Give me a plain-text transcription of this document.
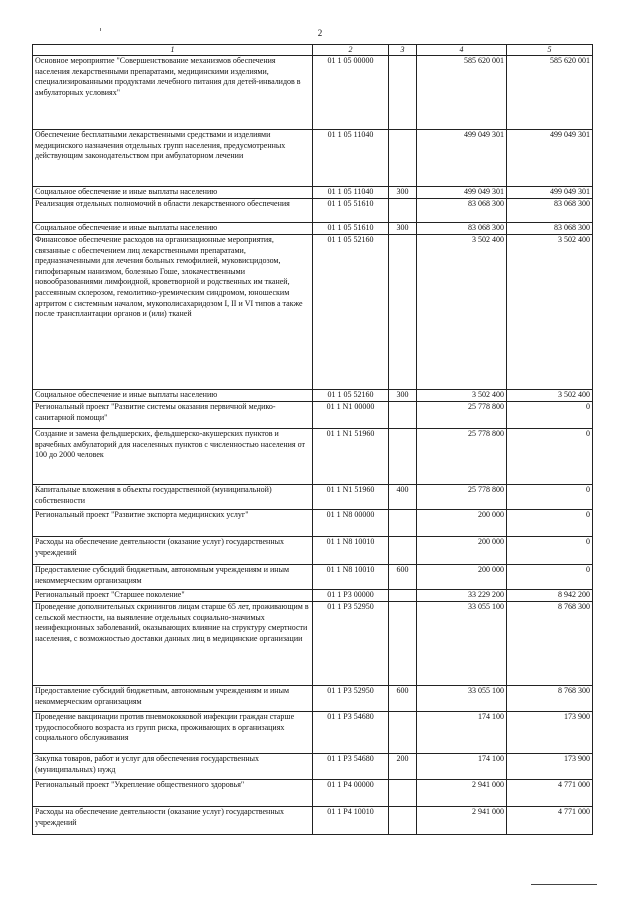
2
1	2	3	4	5
Основное мероприятие "Совершенствование механизмов обеспечения населения лекарственными препаратами, медицинскими изделиями, специализированными продуктами лечебного питания для детей-инвалидов в амбулаторных условиях"	01 1 05 00000		585 620 001	585 620 001
Обеспечение бесплатными лекарственными средствами и изделиями медицинского назначения отдельных групп населения, предусмотренных действующим законодательством при амбулаторном лечении	01 1 05 11040		499 049 301	499 049 301
Социальное обеспечение и иные выплаты населению	01 1 05 11040	300	499 049 301	499 049 301
Реализация отдельных полномочий в области лекарственного обеспечения	01 1 05 51610		83 068 300	83 068 300
Социальное обеспечение и иные выплаты населению	01 1 05 51610	300	83 068 300	83 068 300
Финансовое обеспечение расходов на организационные мероприятия, связанные с обеспечением лиц лекарственными препаратами, предназначенными для лечения больных гемофилией, муковисцидозом, гипофизарным нанизмом, болезнью Гоше, злокачественными новообразованиями лимфоидной, кроветворной и родственных им тканей, рассеянным склерозом, гемолитико-уремическим синдромом, юношеским артритом с системным началом, мукополисахаридозом I, II и VI типов а также после трансплантации органов и (или) тканей	01 1 05 52160		3 502 400	3 502 400
Социальное обеспечение и иные выплаты населению	01 1 05 52160	300	3 502 400	3 502 400
Региональный проект "Развитие системы оказания первичной медико-санитарной помощи"	01 1 N1 00000		25 778 800	0
Создание и замена фельдшерских, фельдшерско-акушерских пунктов и врачебных амбулаторий для населенных пунктов с численностью населения от 100 до 2000 человек	01 1 N1 51960		25 778 800	0
Капитальные вложения в объекты государственной (муниципальной) собственности	01 1 N1 51960	400	25 778 800	0
Региональный проект "Развитие экспорта медицинских услуг"	01 1 N8 00000		200 000	0
Расходы на обеспечение деятельности (оказание услуг) государственных учреждений	01 1 N8 10010		200 000	0
Предоставление субсидий бюджетным, автономным учреждениям и иным некоммерческим организациям	01 1 N8 10010	600	200 000	0
Региональный проект "Старшее поколение"	01 1 P3 00000		33 229 200	8 942 200
Проведение дополнительных скринингов лицам старше 65 лет, проживающим в сельской местности, на выявление отдельных социально-значимых неинфекционных заболеваний, оказывающих влияние на структуру смертности населения, с возможностью доставки данных лиц в медицинские организации	01 1 P3 52950		33 055 100	8 768 300
Предоставление субсидий бюджетным, автономным учреждениям и иным некоммерческим организациям	01 1 P3 52950	600	33 055 100	8 768 300
Проведение вакцинации против пневмококковой инфекции граждан старше трудоспособного возраста из групп риска, проживающих в организациях социального обслуживания	01 1 P3 54680		174 100	173 900
Закупка товаров, работ и услуг для обеспечения государственных (муниципальных) нужд	01 1 P3 54680	200	174 100	173 900
Региональный проект "Укрепление общественного здоровья"	01 1 P4 00000		2 941 000	4 771 000
Расходы на обеспечение деятельности (оказание услуг) государственных учреждений	01 1 P4 10010		2 941 000	4 771 000
